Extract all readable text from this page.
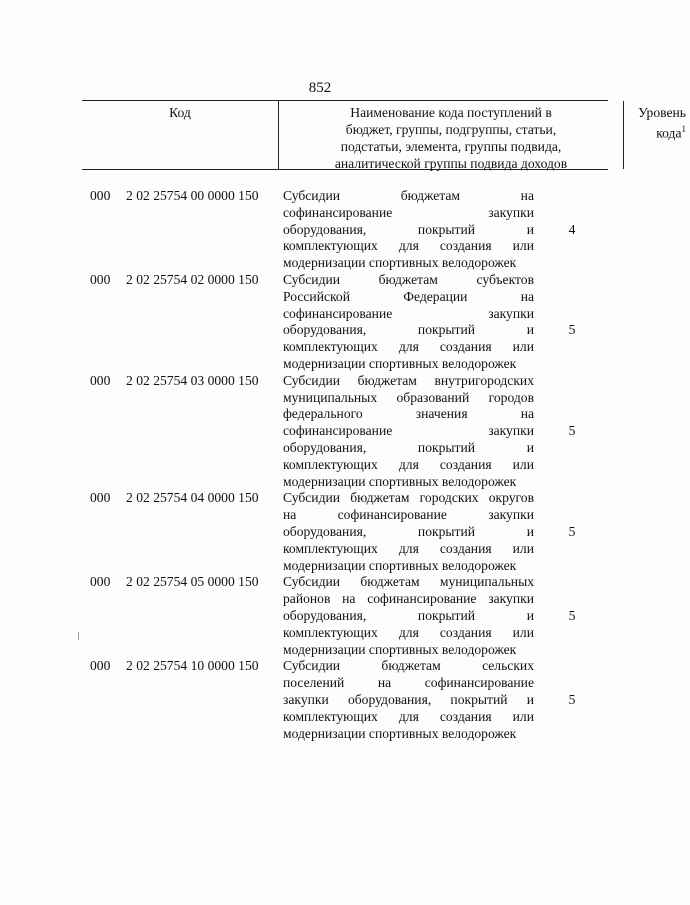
852
Код	Наименование кода поступлений в
бюджет, группы, подгруппы, статьи,
подстатьи, элемента, группы подвида,
аналитической группы подвида доходов
Уровень
кода$^1$
000 2 02 25754 00 0000 150 Субсидии бюджетам на
софинансирование закупки
оборудования, покрытий и
комплектующих для создания или
модернизации спортивных велодорожек
4
000 2 02 25754 02 0000 150 Субсидии бюджетам субъектов
Российской Федерации на
софинансирование закупки
оборудования, покрытий и
комплектующих для создания или
модернизации спортивных велодорожек
5
000 2 02 25754 03 0000 150 Субсидии бюджетам внутригородских
муниципальных образований городов
федерального значения на
софинансирование закупки
оборудования, покрытий и
комплектующих для создания или
модернизации спортивных велодорожек
5
000 2 02 25754 04 0000 150 Субсидии бюджетам городских округов
на софинансирование закупки
оборудования, покрытий и
комплектующих для создания или
модернизации спортивных велодорожек
5
000 2 02 25754 05 0000 150 Субсидии бюджетам муниципальных
районов на софинансирование закупки
оборудования, покрытий и
комплектующих для создания или
модернизации спортивных велодорожек
5
000 2 02 25754 10 0000 150 Субсидии бюджетам сельских
поселений на софинансирование
закупки оборудования, покрытий и
комплектующих для создания или
модернизации спортивных велодорожек
5
